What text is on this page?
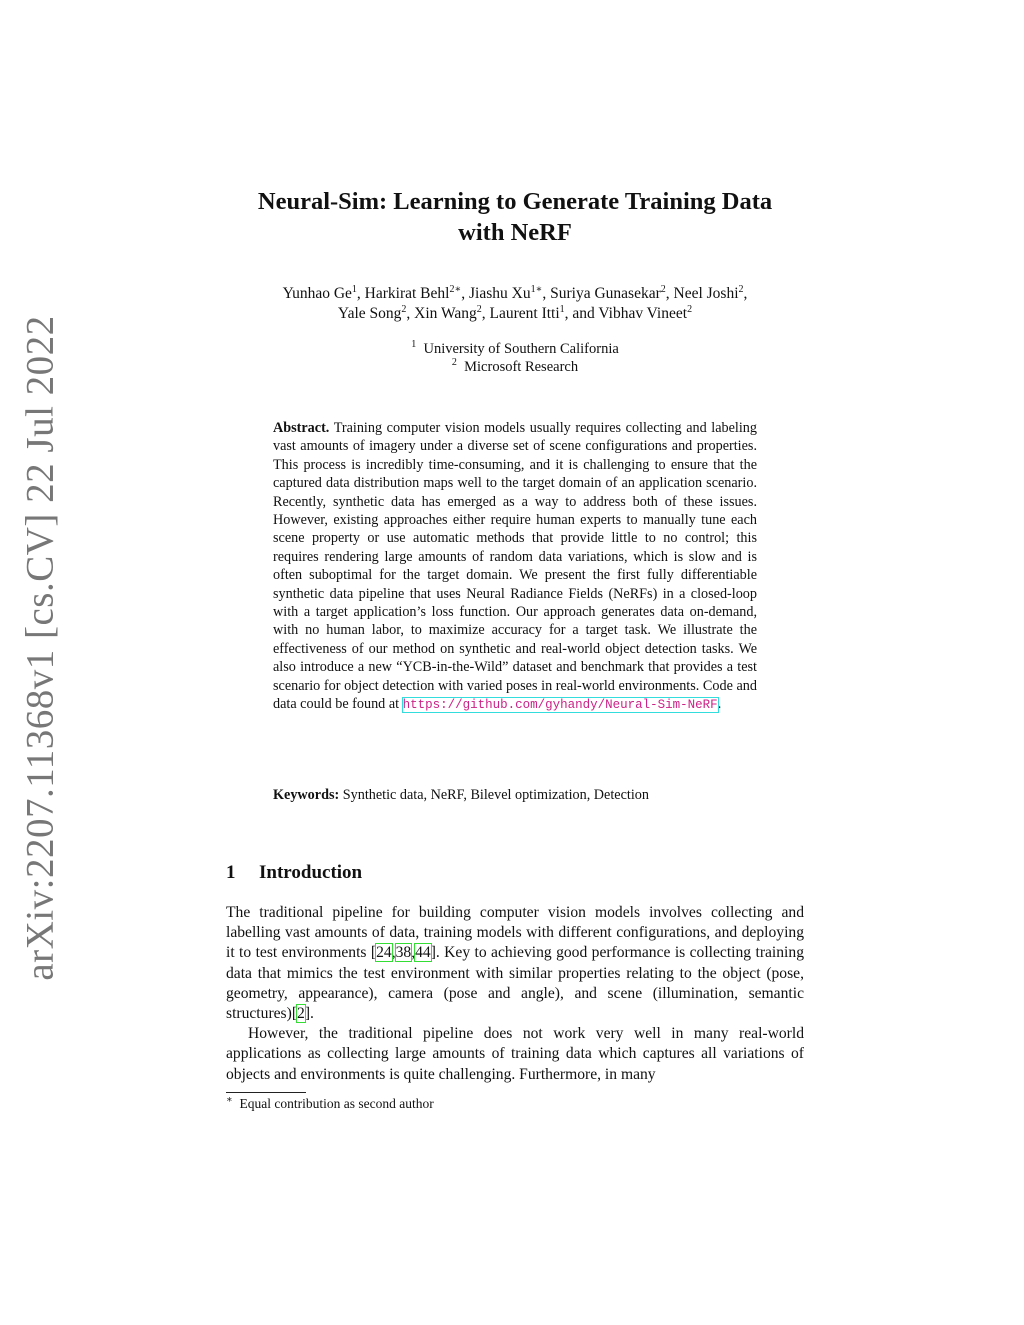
arXiv:2207.11368v1 [cs.CV] 22 Jul 2022
Neural-Sim: Learning to Generate Training Data
with NeRF
Yunhao Ge$^1$, Harkirat Behl$^{2∗}$, Jiashu $Xu^{1∗}$, Suriya Gunasekar$^2$, Neel Joshi$^2$,
Yale Song$^2$, Xin Wang$^2$, Laurent Itti$^1$, and Vibhav Vineet$^2$
$^1$ University of Southern California
$^2$ Microsoft Research

Abstract. Training computer vision models usually requires collecting and labeling vast amounts of imagery under a diverse set of scene configurations and properties. This process is incredibly time-consuming, and it is challenging to ensure that the captured data distribution maps well to the target domain of an application scenario. Recently, synthetic data has emerged as a way to address both of these issues. However, existing approaches either require human experts to manually tune each scene property or use automatic methods that provide little to no control; this requires rendering large amounts of random data variations, which is slow and is often suboptimal for the target domain. We present the first fully differentiable synthetic data pipeline that uses Neural Radiance Fields (NeRFs) in a closed-loop with a target application’s loss function. Our approach generates data on-demand, with no human labor, to maximize accuracy for a target task. We illustrate the effectiveness of our method on synthetic and real-world object detection tasks. We also introduce a new “YCB-in-the-Wild” dataset and benchmark that provides a test scenario for object detection with varied poses in real-world environments. Code and data could be found at https://github.com/gyhandy/Neural-Sim-NeRF.

Keywords: Synthetic data, NeRF, Bilevel optimization, Detection
1 Introduction

The traditional pipeline for building computer vision models involves collecting and labelling vast amounts of data, training models with different configurations, and deploying it to test environments [24,38,44]. Key to achieving good performance is collecting training data that mimics the test environment with similar properties relating to the object (pose, geometry, appearance), camera (pose and angle), and scene (illumination, semantic structures)[2].

However, the traditional pipeline does not work very well in many real-world applications as collecting large amounts of training data which captures all variations of objects and environments is quite challenging. Furthermore, in many

∗ Equal contribution as second author
